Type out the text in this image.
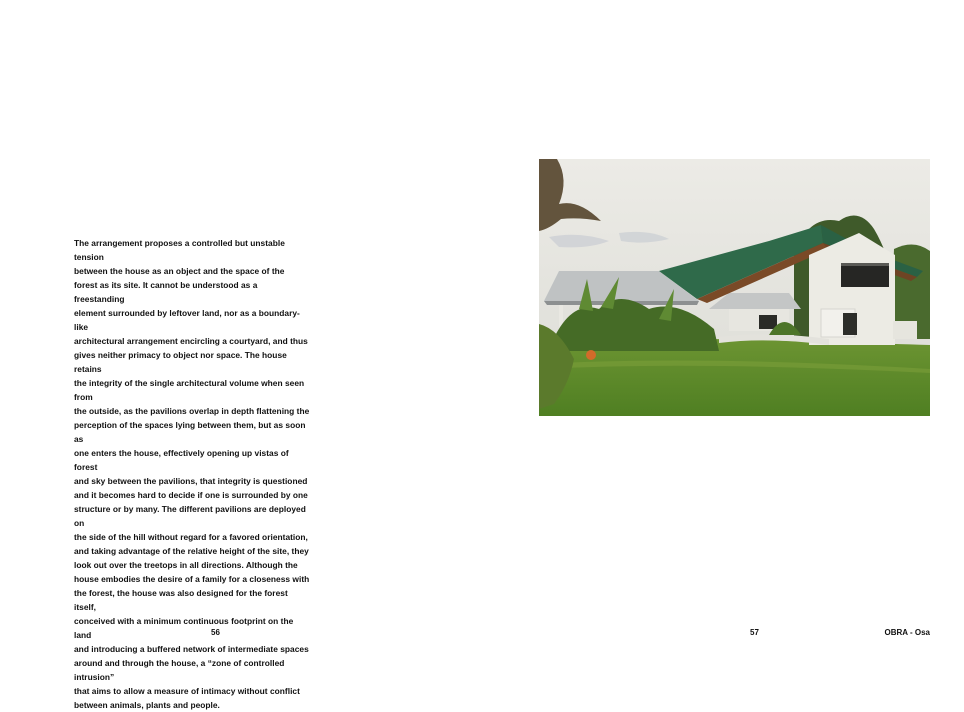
The arrangement proposes a controlled but unstable tension
between the house as an object and the space of the
forest as its site. It cannot be understood as a freestanding
element surrounded by leftover land, nor as a boundary-like
architectural arrangement encircling a courtyard, and thus
gives neither primacy to object nor space. The house retains
the integrity of the single architectural volume when seen from
the outside, as the pavilions overlap in depth flattening the
perception of the spaces lying between them, but as soon as
one enters the house, effectively opening up vistas of forest
and sky between the pavilions, that integrity is questioned
and it becomes hard to decide if one is surrounded by one
structure or by many. The different pavilions are deployed on
the side of the hill without regard for a favored orientation,
and taking advantage of the relative height of the site, they
look out over the treetops in all directions. Although the
house embodies the desire of a family for a closeness with
the forest, the house was also designed for the forest itself,
conceived with a minimum continuous footprint on the land
and introducing a buffered network of intermediate spaces
around and through the house, a “zone of controlled intrusion”
that aims to allow a measure of intimacy without conflict
between animals, plants and people.

56	57	OBRA - Osa
